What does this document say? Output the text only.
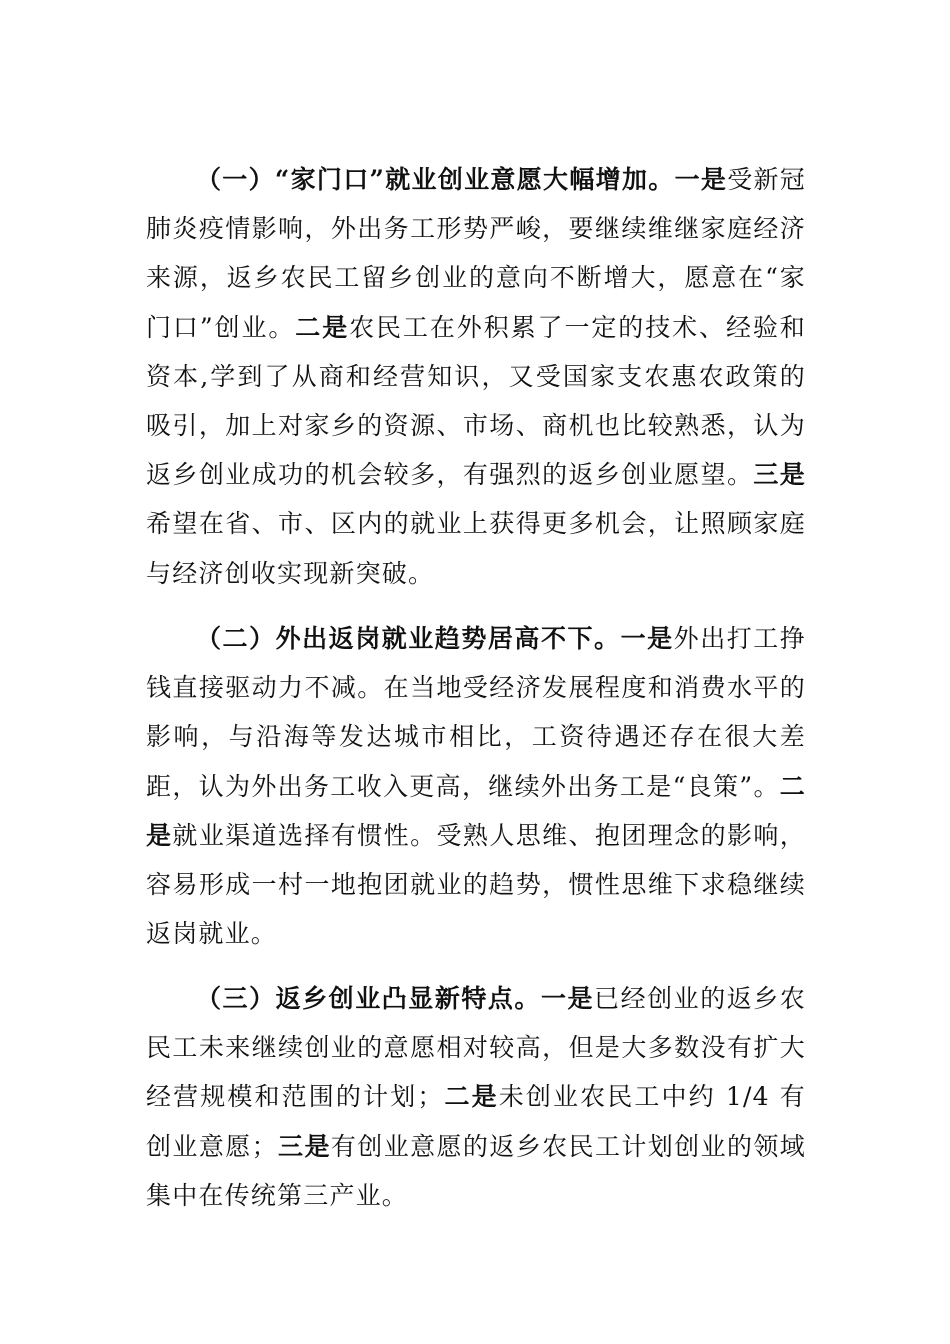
（一）“家门口”就业创业意愿大幅增加。一是受新冠肺炎疫情影响，外出务工形势严峻，要继续维继家庭经济来源，返乡农民工留乡创业的意向不断增大，愿意在“家门口”创业。二是农民工在外积累了一定的技术、经验和资本,学到了从商和经营知识，又受国家支农惠农政策的吸引，加上对家乡的资源、市场、商机也比较熟悉，认为返乡创业成功的机会较多，有强烈的返乡创业愿望。三是希望在省、市、区内的就业上获得更多机会，让照顾家庭与经济创收实现新突破。

（二）外出返岗就业趋势居高不下。一是外出打工挣钱直接驱动力不减。在当地受经济发展程度和消费水平的影响，与沿海等发达城市相比，工资待遇还存在很大差距，认为外出务工收入更高，继续外出务工是“良策”。二是就业渠道选择有惯性。受熟人思维、抱团理念的影响，容易形成一村一地抱团就业的趋势，惯性思维下求稳继续返岗就业。

（三）返乡创业凸显新特点。一是已经创业的返乡农民工未来继续创业的意愿相对较高，但是大多数没有扩大经营规模和范围的计划；二是未创业农民工中约 1/4 有创业意愿；三是有创业意愿的返乡农民工计划创业的领域集中在传统第三产业。
